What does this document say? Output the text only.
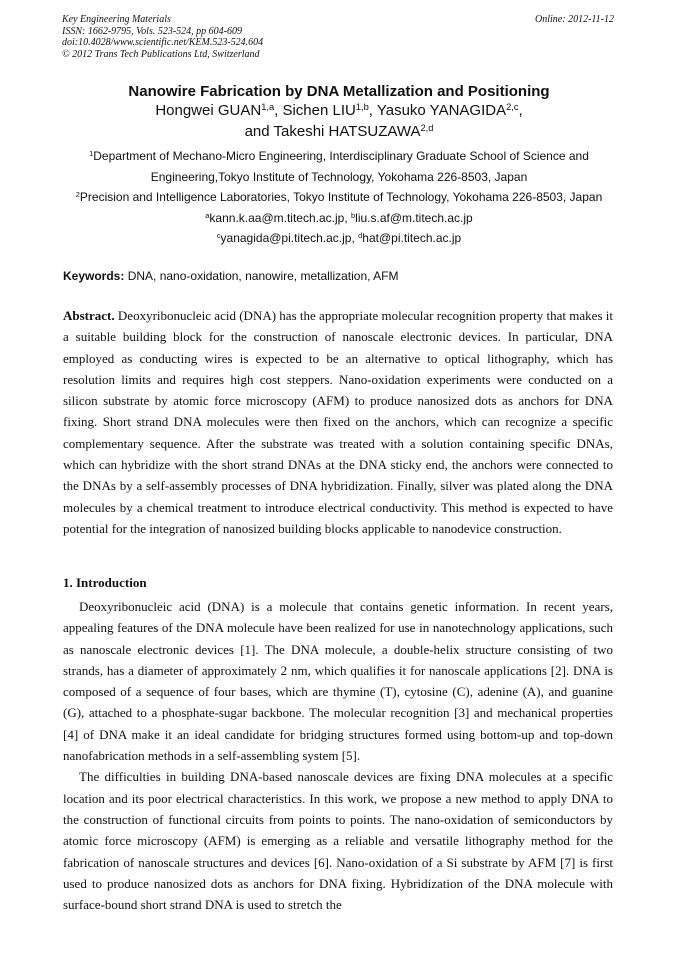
Key Engineering Materials
ISSN: 1662-9795, Vols. 523-524, pp 604-609
doi:10.4028/www.scientific.net/KEM.523-524.604
© 2012 Trans Tech Publications Ltd, Switzerland
Online: 2012-11-12
Nanowire Fabrication by DNA Metallization and Positioning
Hongwei GUAN$^{1,a}$, Sichen LIU$^{1,b}$, Yasuko YANAGIDA$^{2,c}$,
and Takeshi HATSUZAWA$^{2,d}$
$^1$Department of Mechano-Micro Engineering, Interdisciplinary Graduate School of Science and
Engineering,Tokyo Institute of Technology, Yokohama 226-8503, Japan
$^2$Precision and Intelligence Laboratories, Tokyo Institute of Technology, Yokohama 226-8503, Japan
$^a$kann.k.aa@m.titech.ac.jp, $^b$liu.s.af@m.titech.ac.jp
$^c$yanagida@pi.titech.ac.jp, $^d$hat@pi.titech.ac.jp
Keywords: DNA, nano-oxidation, nanowire, metallization, AFM
Abstract. Deoxyribonucleic acid (DNA) has the appropriate molecular recognition property that makes it a suitable building block for the construction of nanoscale electronic devices. In particular, DNA employed as conducting wires is expected to be an alternative to optical lithography, which has resolution limits and requires high cost steppers. Nano-oxidation experiments were conducted on a silicon substrate by atomic force microscopy (AFM) to produce nanosized dots as anchors for DNA fixing. Short strand DNA molecules were then fixed on the anchors, which can recognize a specific complementary sequence. After the substrate was treated with a solution containing specific DNAs, which can hybridize with the short strand DNAs at the DNA sticky end, the anchors were connected to the DNAs by a self-assembly processes of DNA hybridization. Finally, silver was plated along the DNA molecules by a chemical treatment to introduce electrical conductivity. This method is expected to have potential for the integration of nanosized building blocks applicable to nanodevice construction.
1. Introduction

Deoxyribonucleic acid (DNA) is a molecule that contains genetic information. In recent years, appealing features of the DNA molecule have been realized for use in nanotechnology applications, such as nanoscale electronic devices [1]. The DNA molecule, a double-helix structure consisting of two strands, has a diameter of approximately 2 nm, which qualifies it for nanoscale applications [2]. DNA is composed of a sequence of four bases, which are thymine (T), cytosine (C), adenine (A), and guanine (G), attached to a phosphate-sugar backbone. The molecular recognition [3] and mechanical properties [4] of DNA make it an ideal candidate for bridging structures formed using bottom-up and top-down nanofabrication methods in a self-assembling system [5].

The difficulties in building DNA-based nanoscale devices are fixing DNA molecules at a specific location and its poor electrical characteristics. In this work, we propose a new method to apply DNA to the construction of functional circuits from points to points. The nano-oxidation of semiconductors by atomic force microscopy (AFM) is emerging as a reliable and versatile lithography method for the fabrication of nanoscale structures and devices [6]. Nano-oxidation of a Si substrate by AFM [7] is first used to produce nanosized dots as anchors for DNA fixing. Hybridization of the DNA molecule with surface-bound short strand DNA is used to stretch the
